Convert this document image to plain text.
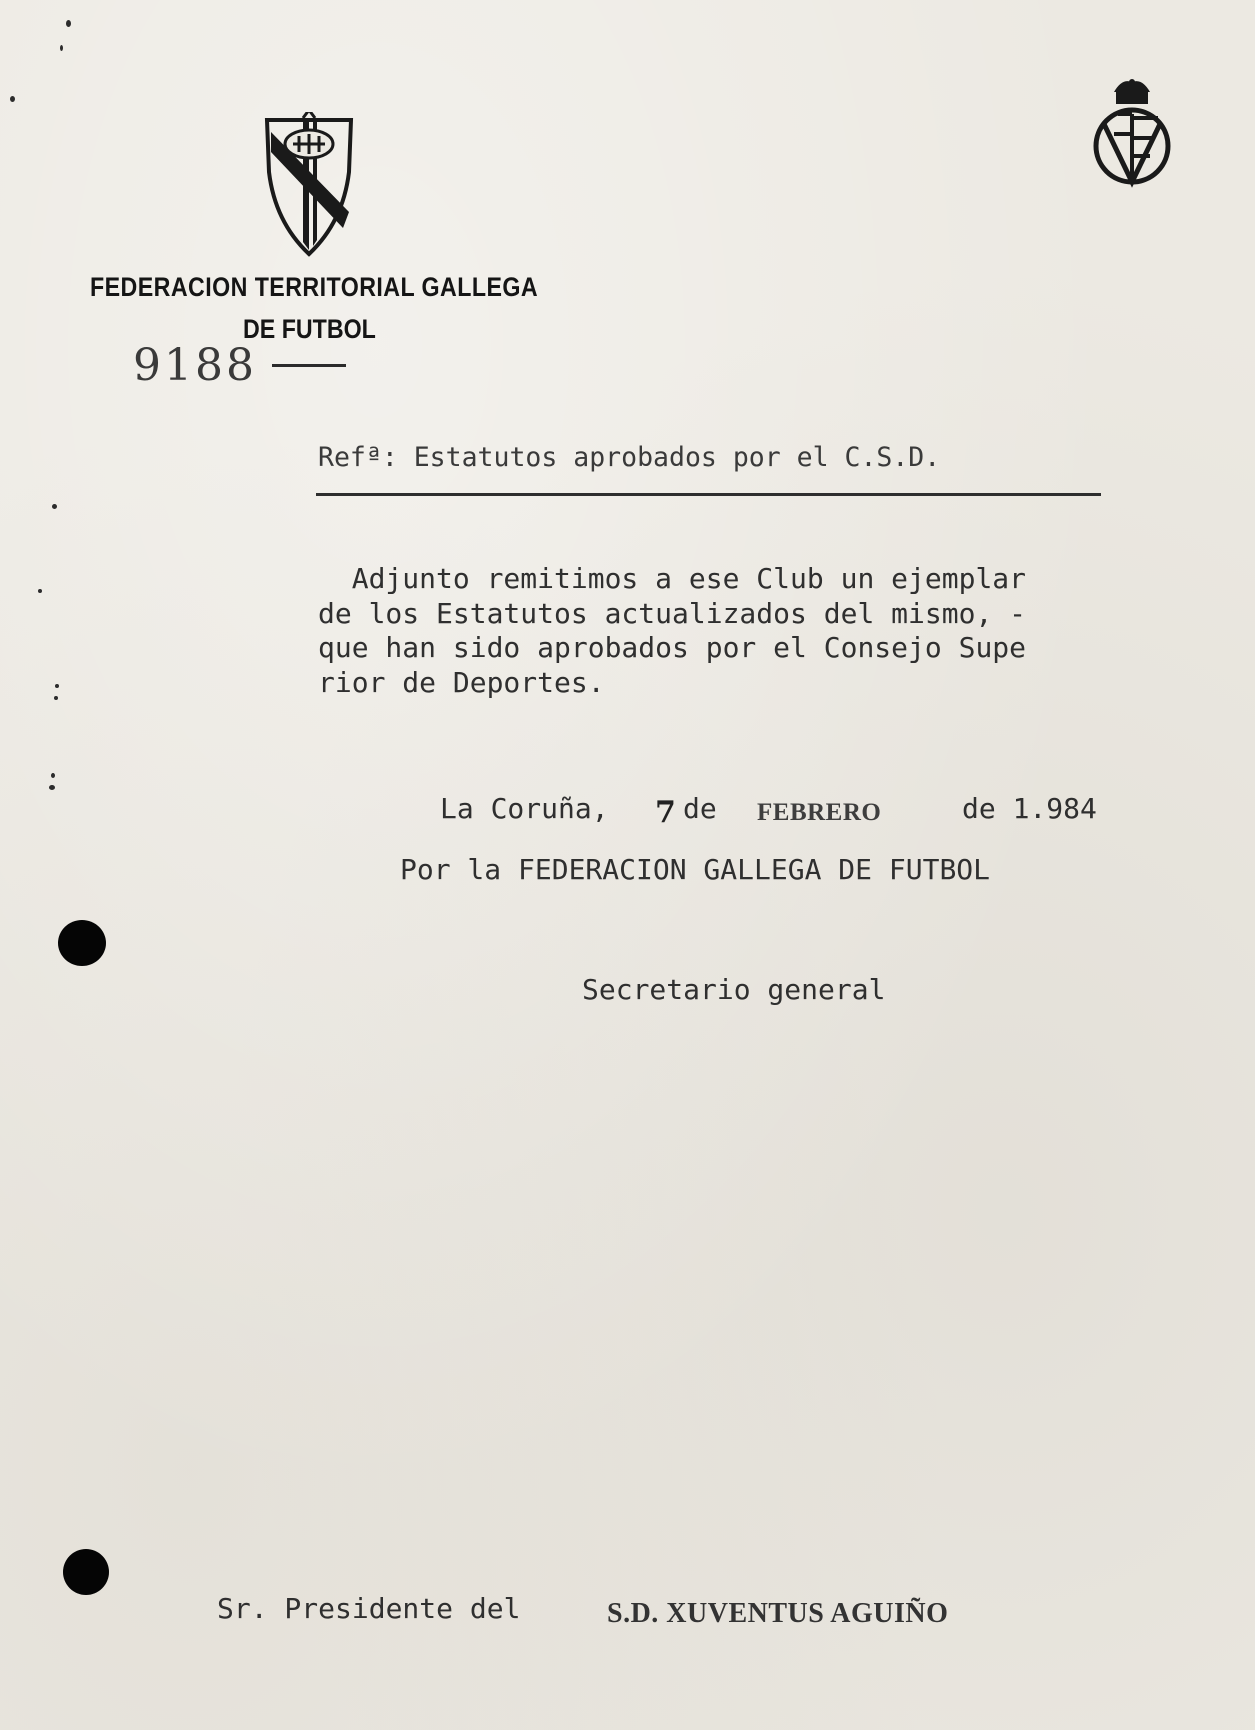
FEDERACION TERRITORIAL GALLEGA
DE FUTBOL
9188
Refª: Estatutos aprobados por el C.S.D.
Adjunto remitimos a ese Club un ejemplar
de los Estatutos actualizados del mismo, -
que han sido aprobados por el Consejo Supe
rior de Deportes.
La Coruña, 7 de FEBRERO	de 1.984
Por la FEDERACION GALLEGA DE FUTBOL
Secretario general
Sr. Presidente del	S.D. XUVENTUS AGUIÑO
